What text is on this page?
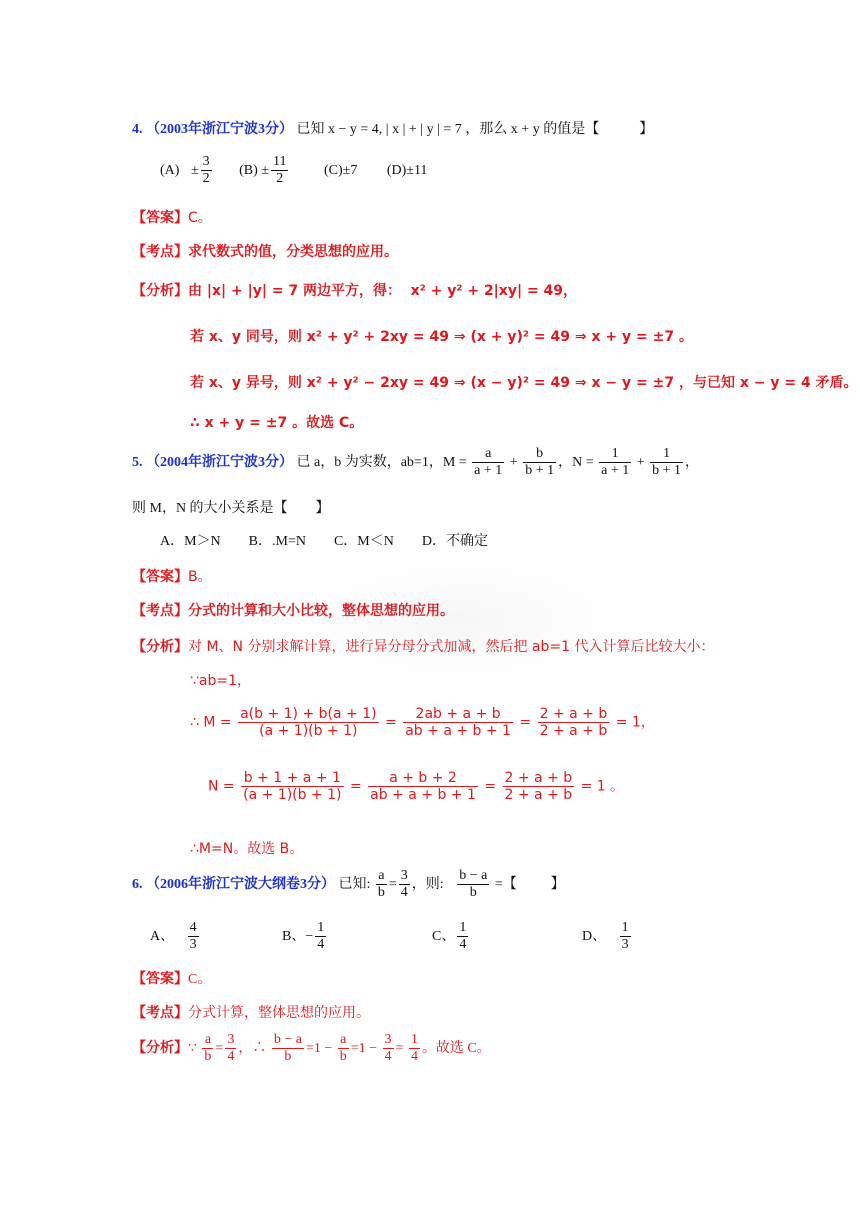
4. （2003年浙江宁波3分） 已知 x − y = 4, | x | + | y | = 7 ，那么 x + y 的值是【	】
$(A) \pm \frac{3}{2} (B) \pm \frac{11}{2}$	(C)±7 (D)±11
【答案】C。
【考点】求代数式的值，分类思想的应用。
【分析】由 |x| + |y| = 7 两边平方，得： x² + y² + 2|xy| = 49，
若 x、y 同号，则 x² + y² + 2xy = 49 ⇒ (x + y)² = 49 ⇒ x + y = ±7 。
若 x、y 异号，则 x² + y² − 2xy = 49 ⇒ (x − y)² = 49 ⇒ x − y = ±7 ，与已知 x − y = 4 矛盾。
∴ x + y = ±7 。故选 C。
5. （2004年浙江宁波3分） 已 a，b 为实数，ab=1，$M = \frac{a}{a + 1} + \frac{b}{b + 1}$ ，$N = \frac{1}{a + 1} + \frac{1}{b + 1}$ ，
则 M，N 的大小关系是【　　】
A．M＞N　　B．.M=N　　C．M＜N　　D．不确定
【答案】B。
【考点】分式的计算和大小比较，整体思想的应用。
【分析】对 M、N 分别求解计算，进行异分母分式加减，然后把 ab=1 代入计算后比较大小：
∵ab=1，
∴ $M = \frac{a(b + 1) + b(a + 1)}{(a + 1)(b + 1)} = \frac{2ab + a + b}{ab + a + b + 1} = \frac{2 + a + b}{2 + a + b} = 1$，
$N = \frac{b + 1 + a + 1}{(a + 1)(b + 1)} = \frac{a + b + 2}{ab + a + b + 1} = \frac{2 + a + b}{2 + a + b} = 1$ 。
∴M=N。故选 B。
6. （2006年浙江宁波大纲卷3分） 已知: $\frac{a}{b} = \frac{3}{4}$ ，则: $\frac{b - a}{b}$ =【 】
A、 $\frac{4}{3}$	B、− $\frac{1}{4}$	C、 $\frac{1}{4}$	D、 $\frac{1}{3}$
【答案】C。
【考点】分式计算，整体思想的应用。
【分析】∵ $\frac{a}{b} = \frac{3}{4}$ ，∴ $\frac{b - a}{b} =1 - \frac{a}{b} =1 - \frac{3}{4} = \frac{1}{4}$ 。故选 C。
